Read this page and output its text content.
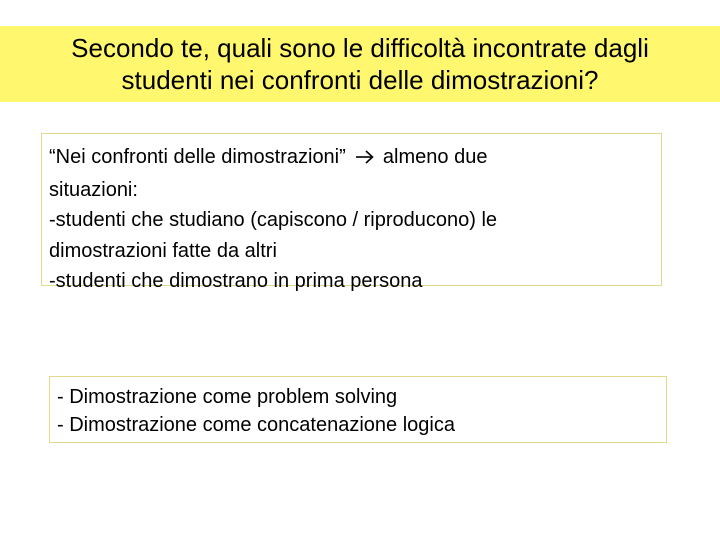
Secondo te, quali sono le difficoltà incontrate dagli
studenti nei confronti delle dimostrazioni?
“Nei confronti delle dimostrazioni” almeno due
situazioni:
-studenti che studiano (capiscono / riproducono) le
dimostrazioni fatte da altri
-studenti che dimostrano in prima persona
- Dimostrazione come problem solving
- Dimostrazione come concatenazione logica
